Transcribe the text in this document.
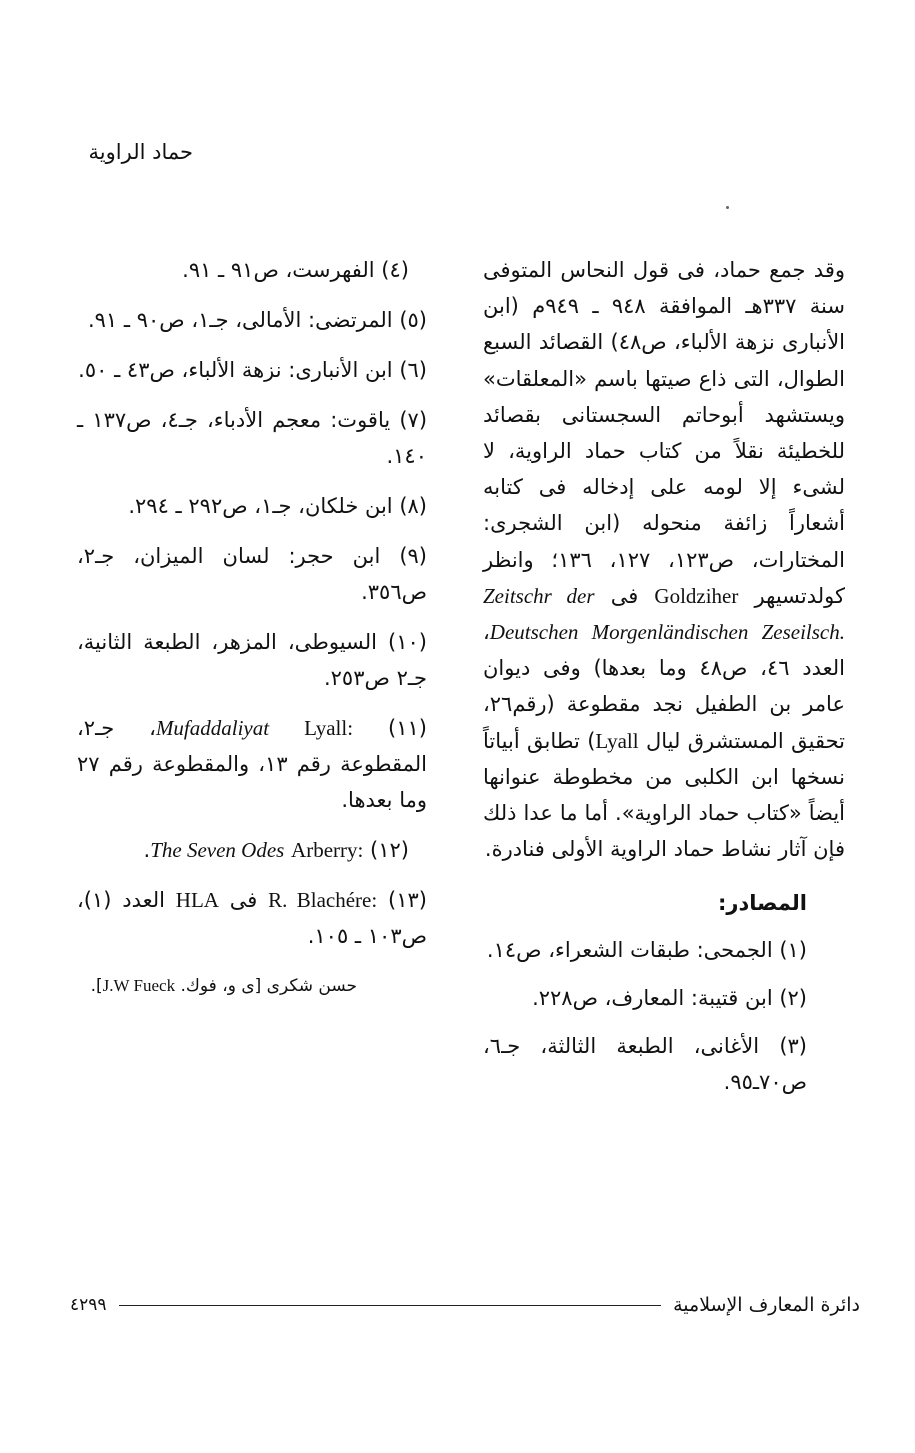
حماد الراوية

وقد جمع حماد، فى قول النحاس المتوفى سنة ٣٣٧هـ الموافقة ٩٤٨ ـ ٩٤٩م (ابن الأنبارى نزهة الألباء، ص٤٨) القصائد السبع الطوال، التى ذاع صيتها باسم «المعلقات» ويستشهد أبوحاتم السجستانى بقصائد للخطيئة نقلاً من كتاب حماد الراوية، لا لشىء إلا لومه على إدخاله فى كتابه أشعاراً زائفة منحوله (ابن الشجرى: المختارات، ص١٢٣، ١٢٧، ١٣٦؛ وانظر كولدتسيهر Goldziher فى Zeitschr der Deutschen Morgenländischen Zeseilsch.، العدد ٤٦، ص٤٨ وما بعدها) وفى ديوان عامر بن الطفيل نجد مقطوعة (رقم٢٦، تحقيق المستشرق ليال Lyall) تطابق أبياتاً نسخها ابن الكلبى من مخطوطة عنوانها أيضاً «كتاب حماد الراوية». أما ما عدا ذلك فإن آثار نشاط حماد الراوية الأولى فنادرة.

المصادر:
(١) الجمحى: طبقات الشعراء، ص١٤.
(٢) ابن قتيبة: المعارف، ص٢٢٨.
(٣) الأغانى، الطبعة الثالثة، جـ٦، ص٧٠ـ٩٥.
(٤) الفهرست، ص٩١ ـ ٩١.
(٥) المرتضى: الأمالى، جـ١، ص٩٠ ـ ٩١.
(٦) ابن الأنبارى: نزهة الألباء، ص٤٣ ـ ٥٠.
(٧) ياقوت: معجم الأدباء، جـ٤، ص١٣٧ ـ ١٤٠.
(٨) ابن خلكان، جـ١، ص٢٩٢ ـ ٢٩٤.
(٩) ابن حجر: لسان الميزان، جـ٢، ص٣٥٦.
(١٠) السيوطى، المزهر، الطبعة الثانية، جـ٢ ص٢٥٣.
(١١) Lyall: Mufaddaliyat، جـ٢، المقطوعة رقم ١٣، والمقطوعة رقم ٢٧ وما بعدها.
(١٢) Arberry: The Seven Odes.
(١٣) R. Blachére: فى HLA العدد (١)، ص١٠٣ ـ ١٠٥.
حسن شكرى [ى و، فوك. J.W Fueck].
٤٢٩٩	دائرة المعارف الإسلامية
